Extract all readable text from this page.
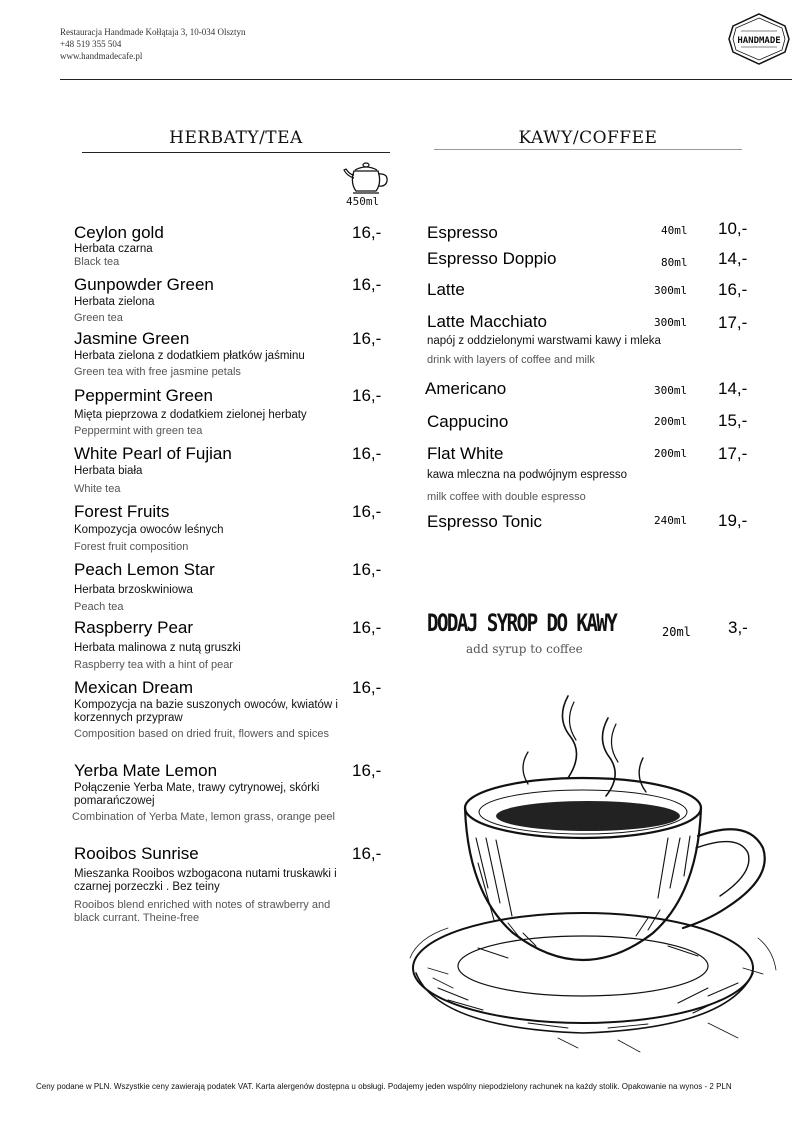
Restauracja Handmade Kołłątaja 3, 10-034 Olsztyn
+48 519 355 504
www.handmadecafe.pl
HANDMADE
HERBATY/TEA
450ml
Ceylon gold
Herbata czarna
Black tea
16,-
Gunpowder Green
Herbata zielona
Green tea
16,-
Jasmine Green
Herbata zielona z dodatkiem płatków jaśminu
Green tea with free jasmine petals
16,-
Peppermint Green
Mięta pieprzowa z dodatkiem zielonej herbaty
Peppermint with green tea
16,-
White Pearl of Fujian
Herbata biała
White tea
16,-
Forest Fruits
Kompozycja owoców leśnych
Forest fruit composition
16,-
Peach Lemon Star
Herbata brzoskwiniowa
Peach tea
16,-
Raspberry Pear
Herbata malinowa z nutą gruszki
Raspberry tea with a hint of pear
16,-
Mexican Dream
Kompozycja na bazie suszonych owoców, kwiatów i korzennych przypraw
Composition based on dried fruit, flowers and spices
16,-
Yerba Mate Lemon
Połączenie Yerba Mate, trawy cytrynowej, skórki pomarańczowej
Combination of Yerba Mate, lemon grass, orange peel
16,-
Rooibos Sunrise
Mieszanka Rooibos wzbogacona nutami truskawki i czarnej porzeczki . Bez teiny
Rooibos blend enriched with notes of strawberry and black currant. Theine-free
16,-
KAWY/COFFEE
Espresso	40ml 10,-
Espresso Doppio	80ml 14,-
Latte	300ml 16,-
Latte Macchiato	300ml 17,-
napój z oddzielonymi warstwami kawy i mleka
drink with layers of coffee and milk
Americano	300ml 14,-
Cappucino	200ml 15,-
Flat White	200ml 17,-
kawa mleczna na podwójnym espresso
milk coffee with double espresso
Espresso Tonic	240ml 19,-
DODAJ SYROP DO KAWY	20ml 3,-
add syrup to coffee
Ceny podane w PLN. Wszystkie ceny zawierają podatek VAT. Karta alergenów dostępna u obsługi. Podajemy jeden wspólny niepodzielony rachunek na każdy stolik. Opakowanie na wynos - 2 PLN
